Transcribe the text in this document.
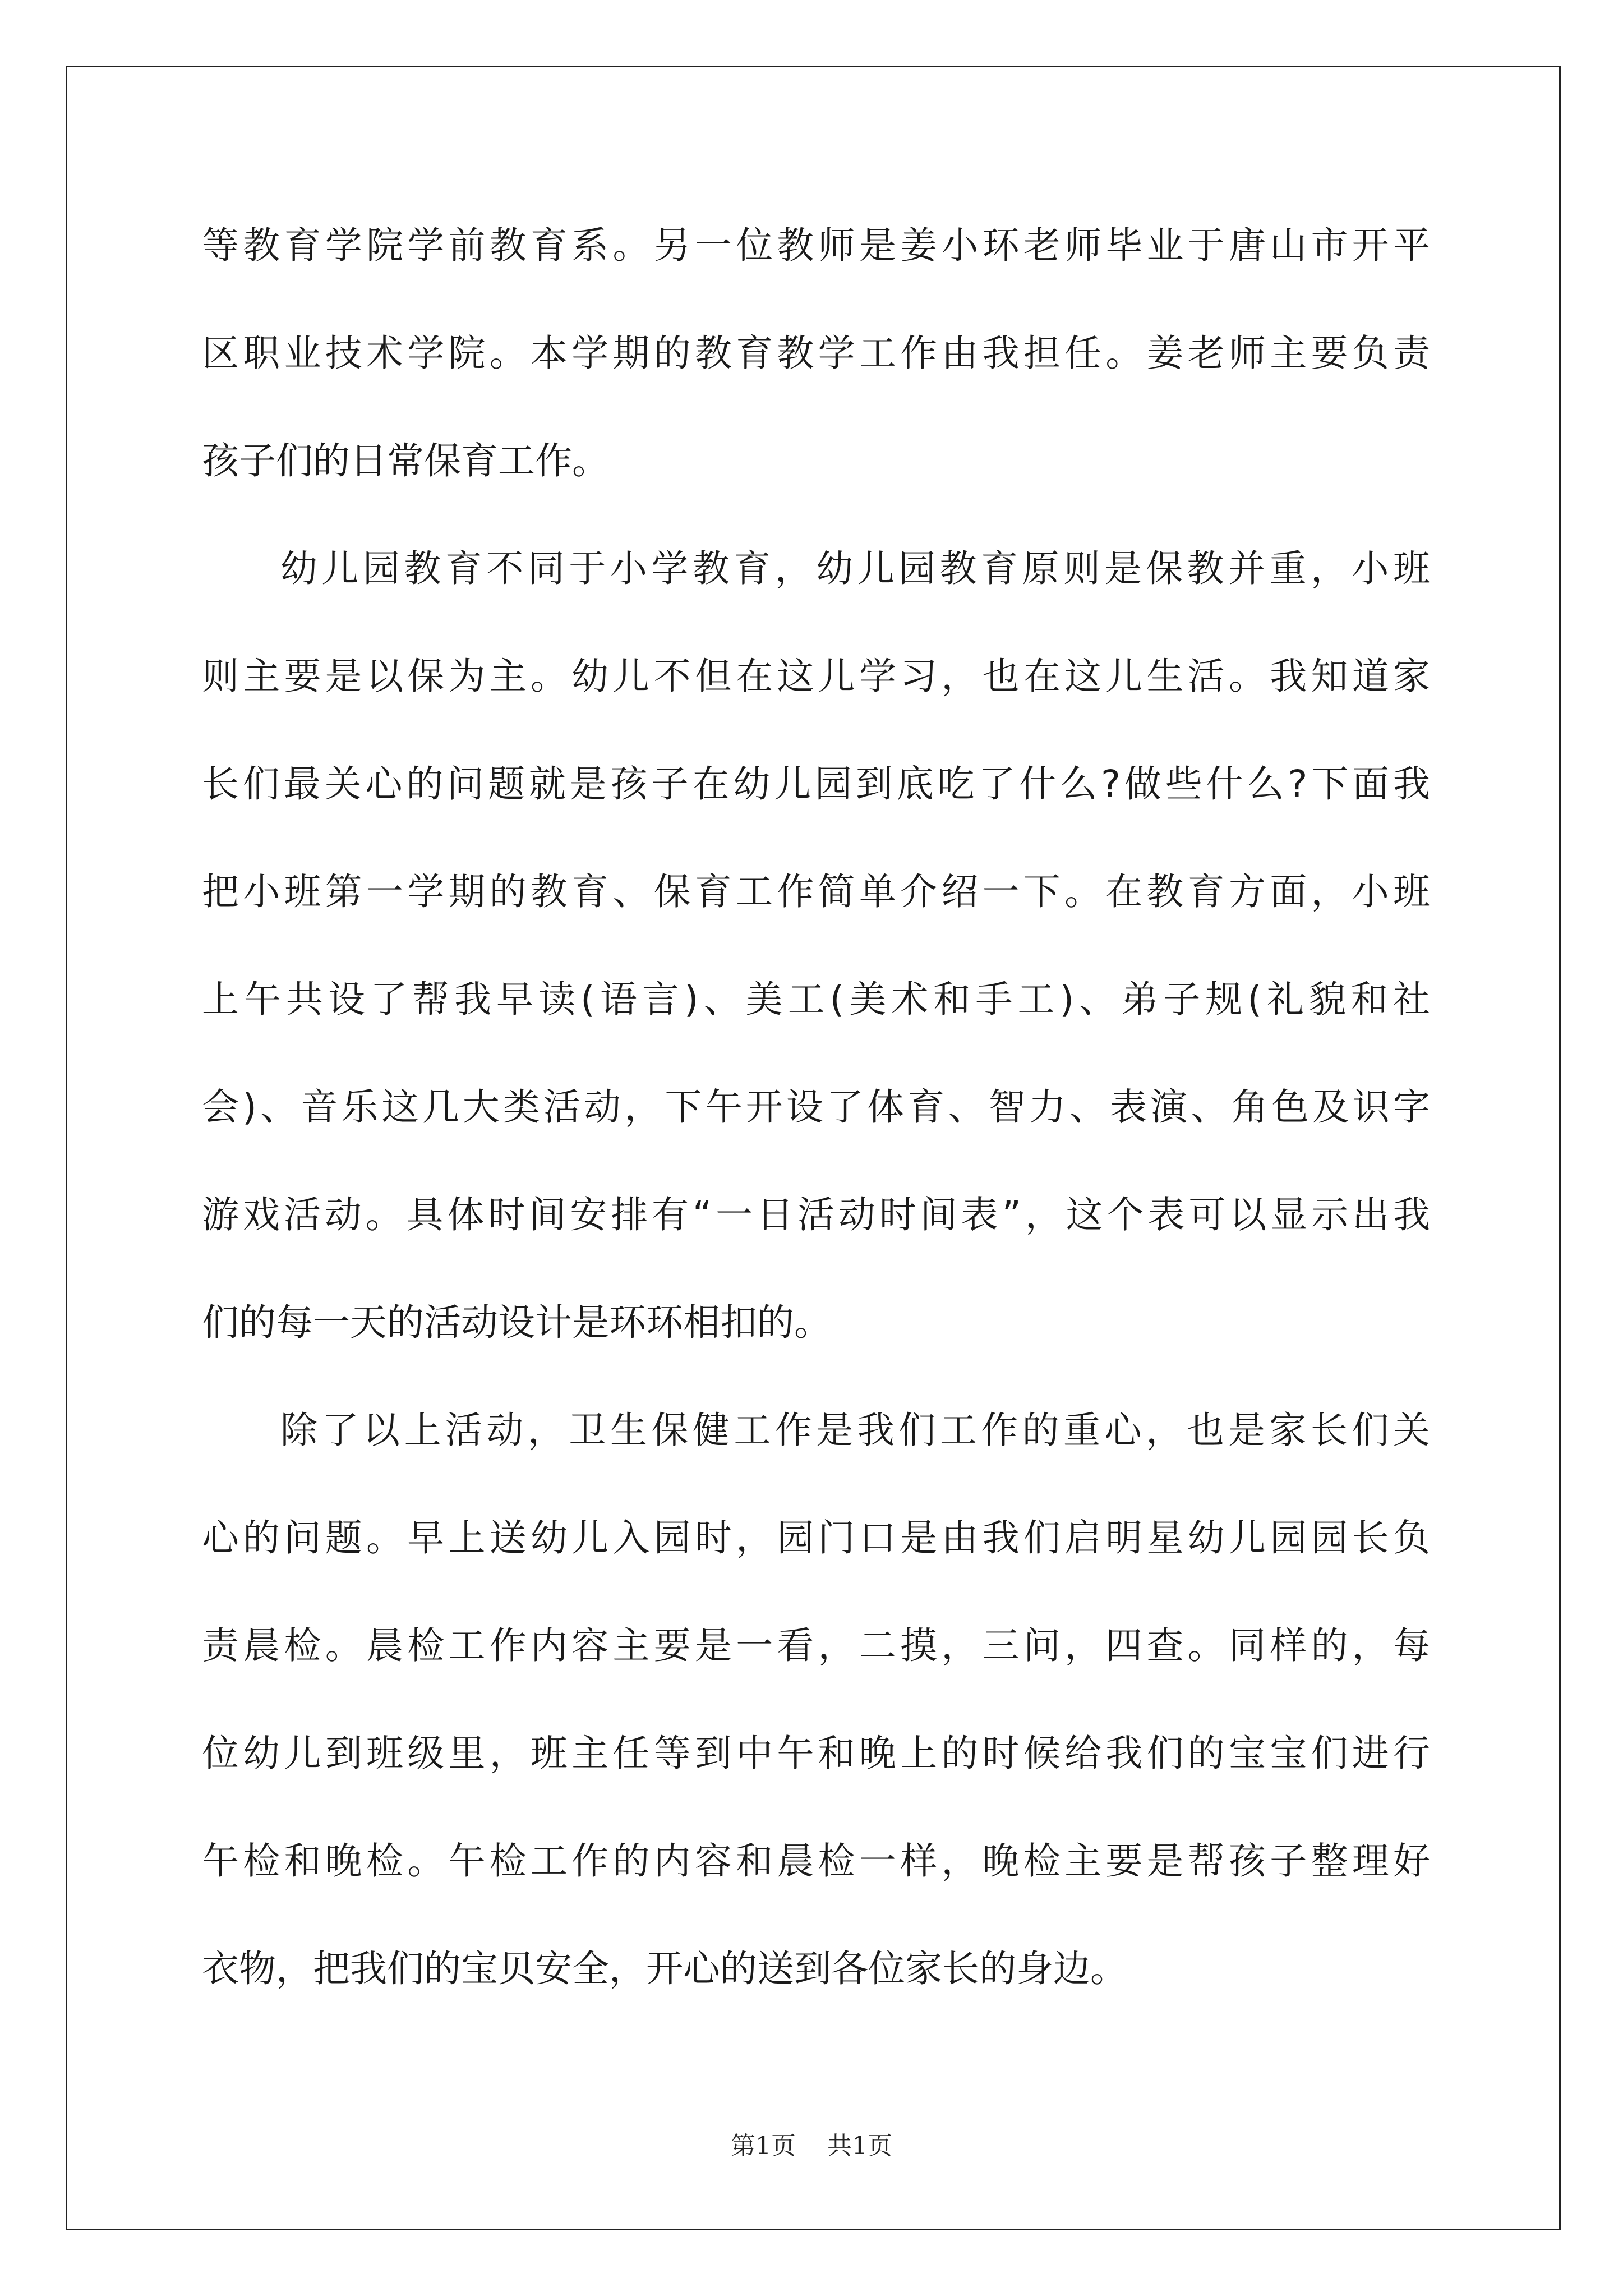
等教育学院学前教育系。另一位教师是姜小环老师毕业于唐山市开平
区职业技术学院。本学期的教育教学工作由我担任。姜老师主要负责
孩子们的日常保育工作。
幼儿园教育不同于小学教育，幼儿园教育原则是保教并重，小班
则主要是以保为主。幼儿不但在这儿学习，也在这儿生活。我知道家
长们最关心的问题就是孩子在幼儿园到底吃了什么?做些什么?下面我
把小班第一学期的教育、保育工作简单介绍一下。在教育方面，小班
上午共设了帮我早读(语言)、美工(美术和手工)、弟子规(礼貌和社
会)、音乐这几大类活动，下午开设了体育、智力、表演、角色及识字
游戏活动。具体时间安排有“一日活动时间表”，这个表可以显示出我
们的每一天的活动设计是环环相扣的。
除了以上活动，卫生保健工作是我们工作的重心，也是家长们关
心的问题。早上送幼儿入园时，园门口是由我们启明星幼儿园园长负
责晨检。晨检工作内容主要是一看，二摸，三问，四查。同样的，每
位幼儿到班级里，班主任等到中午和晚上的时候给我们的宝宝们进行
午检和晚检。午检工作的内容和晨检一样，晚检主要是帮孩子整理好
衣物，把我们的宝贝安全，开心的送到各位家长的身边。
第1页 共1页
